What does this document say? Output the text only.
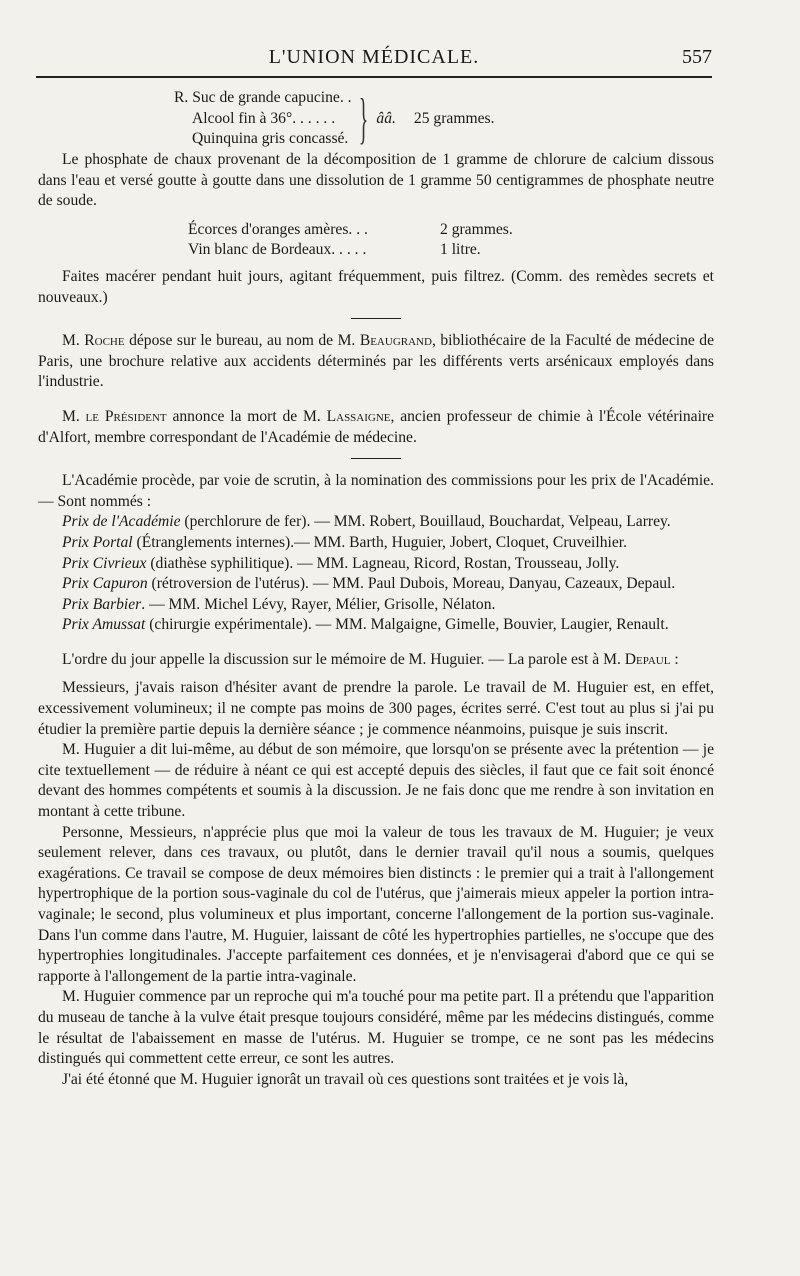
L'UNION MÉDICALE.	557
R. Suc de grande capucine. .
Alcool fin à 36°. . . . . .
Quinquina gris concassé. } ââ. 25 grammes.

Le phosphate de chaux provenant de la décomposition de 1 gramme de chlorure de calcium dissous dans l'eau et versé goutte à goutte dans une dissolution de 1 gramme 50 centigrammes de phosphate neutre de soude.

Écorces d'oranges amères. . .	2 grammes.
Vin blanc de Bordeaux. . . . .	1 litre.

Faites macérer pendant huit jours, agitant fréquemment, puis filtrez. (Comm. des remèdes secrets et nouveaux.)

M. Roche dépose sur le bureau, au nom de M. Beaugrand, bibliothécaire de la Faculté de médecine de Paris, une brochure relative aux accidents déterminés par les différents verts arsénicaux employés dans l'industrie.

M. le Président annonce la mort de M. Lassaigne, ancien professeur de chimie à l'École vétérinaire d'Alfort, membre correspondant de l'Académie de médecine.

L'Académie procède, par voie de scrutin, à la nomination des commissions pour les prix de l'Académie. — Sont nommés :

Prix de l'Académie (perchlorure de fer). — MM. Robert, Bouillaud, Bouchardat, Velpeau, Larrey.

Prix Portal (Étranglements internes).— MM. Barth, Huguier, Jobert, Cloquet, Cruveilhier.

Prix Civrieux (diathèse syphilitique). — MM. Lagneau, Ricord, Rostan, Trousseau, Jolly.

Prix Capuron (rétroversion de l'utérus). — MM. Paul Dubois, Moreau, Danyau, Cazeaux, Depaul.

Prix Barbier. — MM. Michel Lévy, Rayer, Mélier, Grisolle, Nélaton.

Prix Amussat (chirurgie expérimentale). — MM. Malgaigne, Gimelle, Bouvier, Laugier, Renault.

L'ordre du jour appelle la discussion sur le mémoire de M. Huguier. — La parole est à M. Depaul :

Messieurs, j'avais raison d'hésiter avant de prendre la parole. Le travail de M. Huguier est, en effet, excessivement volumineux; il ne compte pas moins de 300 pages, écrites serré. C'est tout au plus si j'ai pu étudier la première partie depuis la dernière séance ; je commence néanmoins, puisque je suis inscrit.

M. Huguier a dit lui-même, au début de son mémoire, que lorsqu'on se présente avec la prétention — je cite textuellement — de réduire à néant ce qui est accepté depuis des siècles, il faut que ce fait soit énoncé devant des hommes compétents et soumis à la discussion. Je ne fais donc que me rendre à son invitation en montant à cette tribune.

Personne, Messieurs, n'apprécie plus que moi la valeur de tous les travaux de M. Huguier; je veux seulement relever, dans ces travaux, ou plutôt, dans le dernier travail qu'il nous a soumis, quelques exagérations. Ce travail se compose de deux mémoires bien distincts : le premier qui a trait à l'allongement hypertrophique de la portion sous-vaginale du col de l'utérus, que j'aimerais mieux appeler la portion intra-vaginale; le second, plus volumineux et plus important, concerne l'allongement de la portion sus-vaginale. Dans l'un comme dans l'autre, M. Huguier, laissant de côté les hypertrophies partielles, ne s'occupe que des hypertrophies longitudinales. J'accepte parfaitement ces données, et je n'envisagerai d'abord que ce qui se rapporte à l'allongement de la partie intra-vaginale.

M. Huguier commence par un reproche qui m'a touché pour ma petite part. Il a prétendu que l'apparition du museau de tanche à la vulve était presque toujours considéré, même par les médecins distingués, comme le résultat de l'abaissement en masse de l'utérus. M. Huguier se trompe, ce ne sont pas les médecins distingués qui commettent cette erreur, ce sont les autres.

J'ai été étonné que M. Huguier ignorât un travail où ces questions sont traitées et je vois là,
